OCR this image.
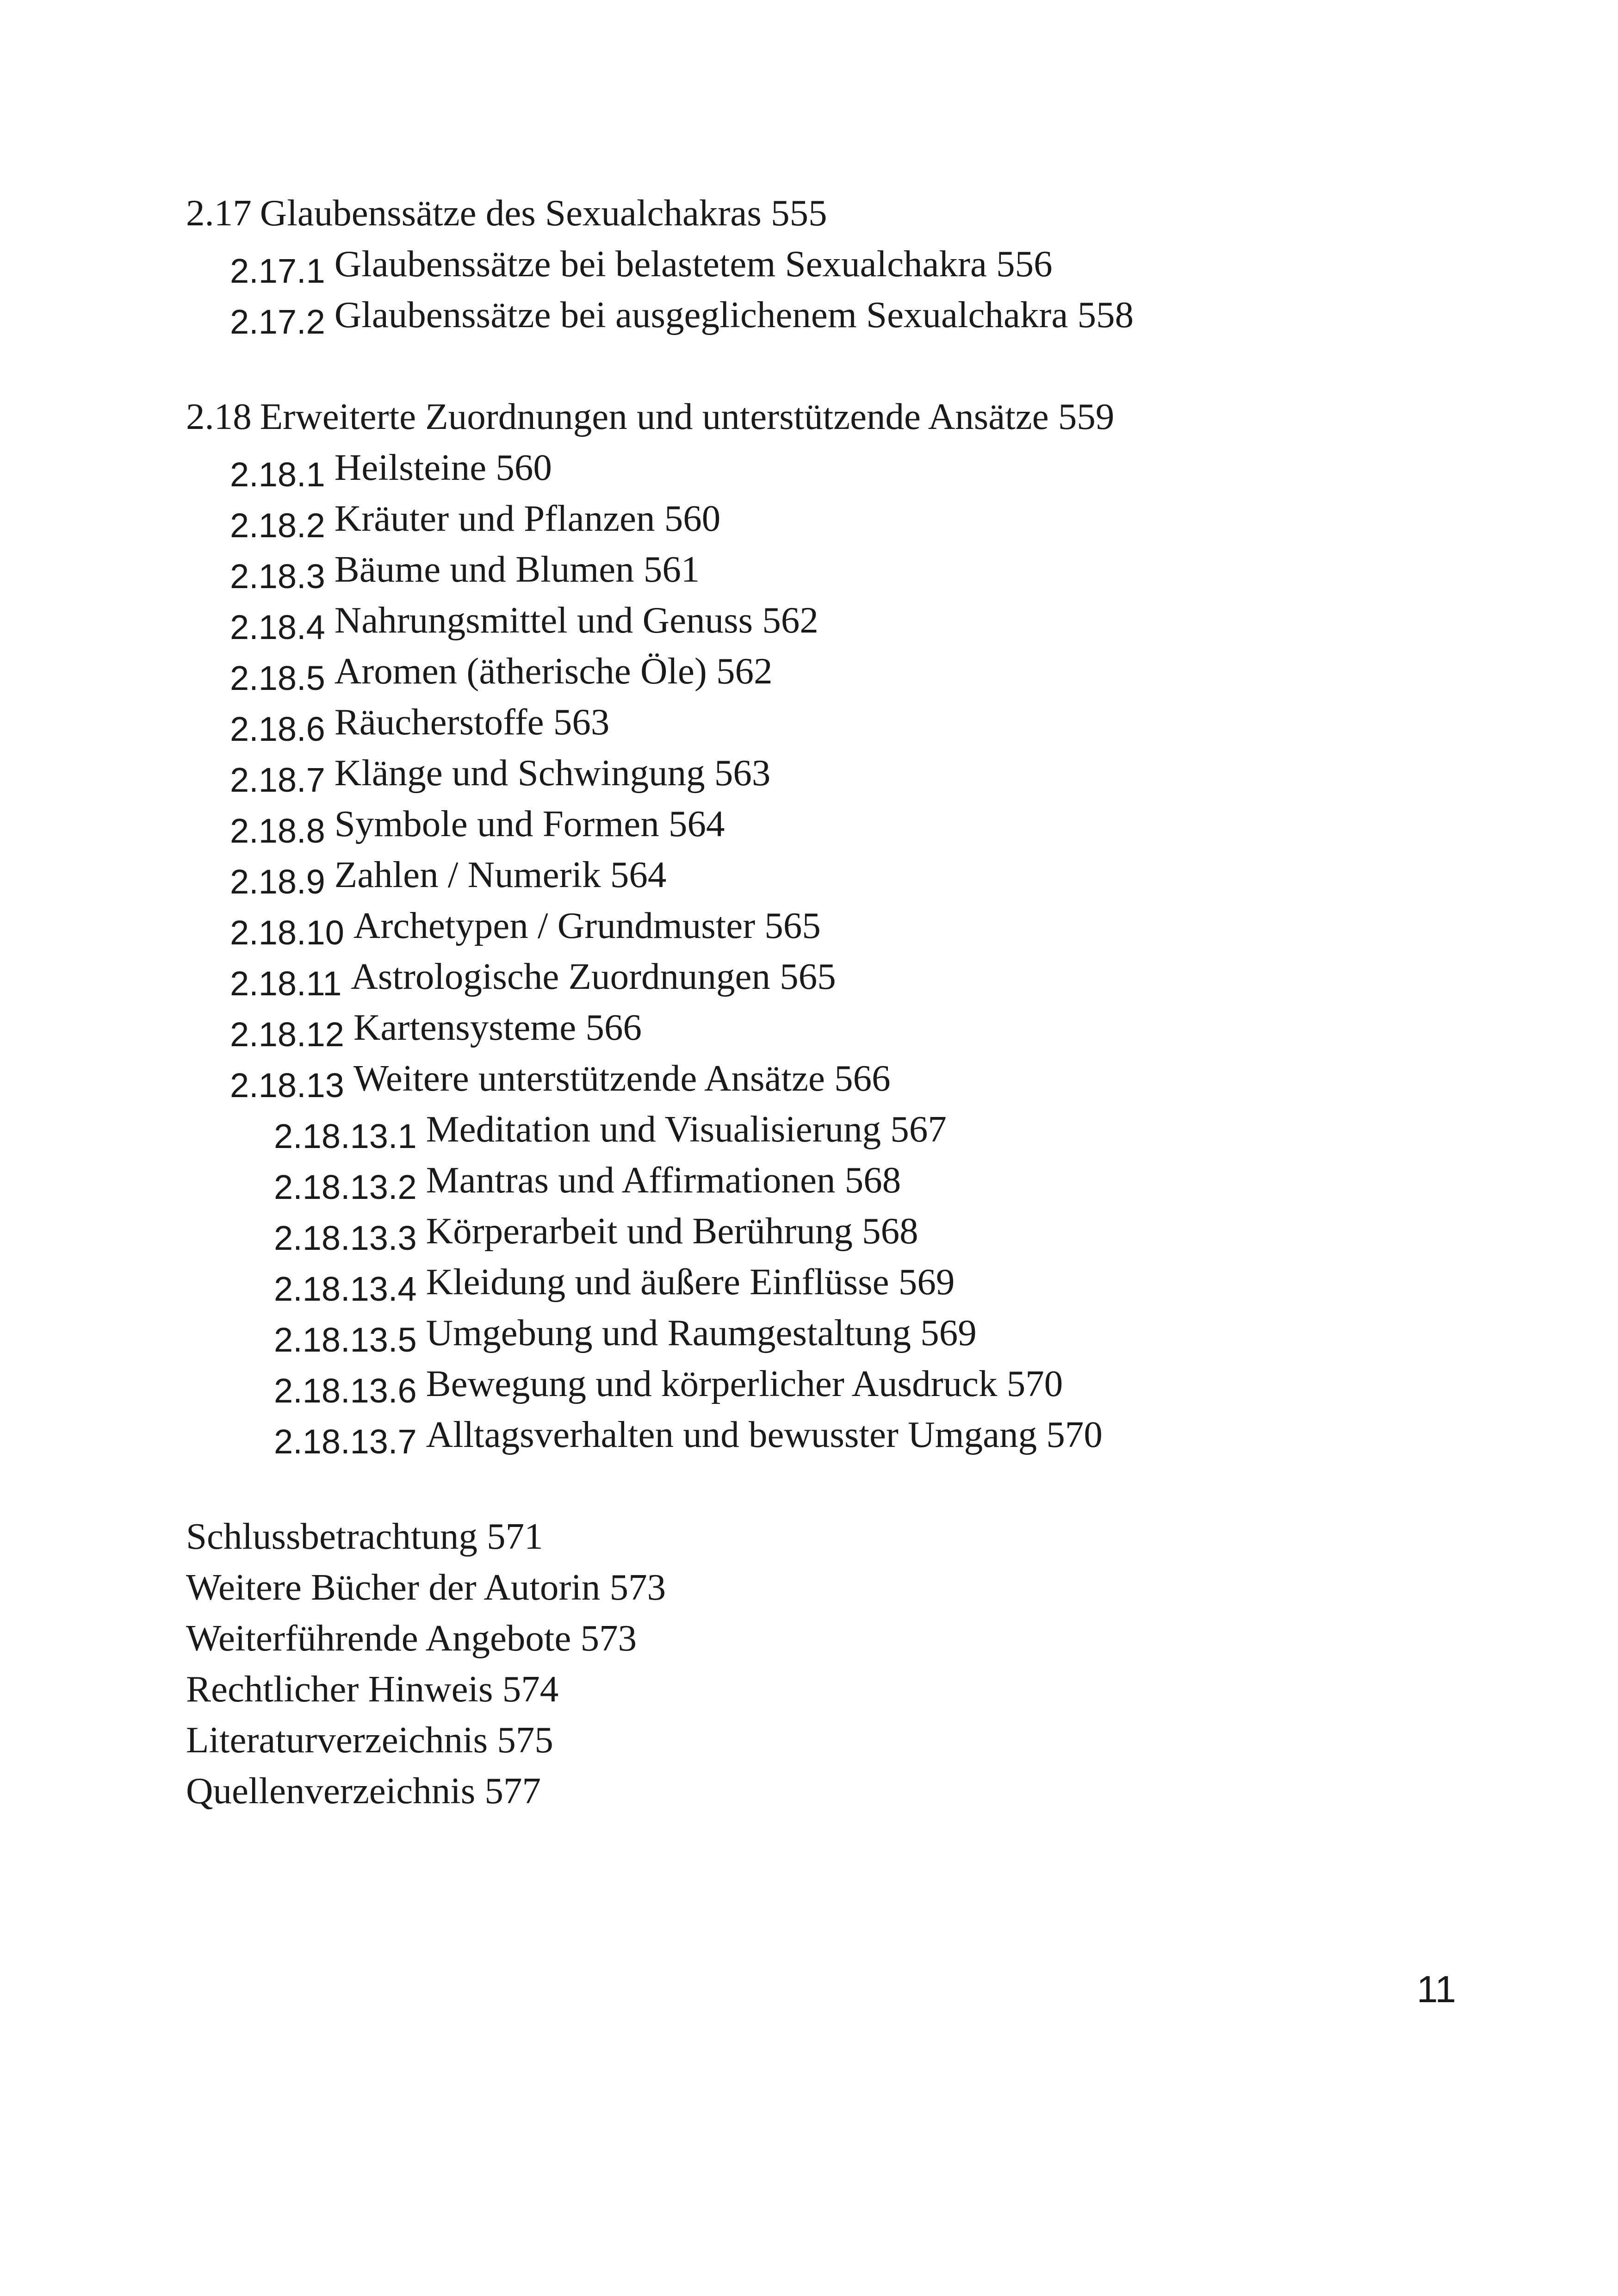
2.17 Glaubenssätze des Sexualchakras 555
2.17.1 Glaubenssätze bei belastetem Sexualchakra 556
2.17.2 Glaubenssätze bei ausgeglichenem Sexualchakra 558
2.18 Erweiterte Zuordnungen und unterstützende Ansätze 559
2.18.1 Heilsteine 560
2.18.2 Kräuter und Pflanzen 560
2.18.3 Bäume und Blumen 561
2.18.4 Nahrungsmittel und Genuss 562
2.18.5 Aromen (ätherische Öle) 562
2.18.6 Räucherstoffe 563
2.18.7 Klänge und Schwingung 563
2.18.8 Symbole und Formen 564
2.18.9 Zahlen / Numerik 564
2.18.10 Archetypen / Grundmuster 565
2.18.11 Astrologische Zuordnungen 565
2.18.12 Kartensysteme 566
2.18.13 Weitere unterstützende Ansätze 566
2.18.13.1 Meditation und Visualisierung 567
2.18.13.2 Mantras und Affirmationen 568
2.18.13.3 Körperarbeit und Berührung 568
2.18.13.4 Kleidung und äußere Einflüsse 569
2.18.13.5 Umgebung und Raumgestaltung 569
2.18.13.6 Bewegung und körperlicher Ausdruck 570
2.18.13.7 Alltagsverhalten und bewusster Umgang 570
Schlussbetrachtung 571
Weitere Bücher der Autorin 573
Weiterführende Angebote 573
Rechtlicher Hinweis 574
Literaturverzeichnis 575
Quellenverzeichnis 577
11
